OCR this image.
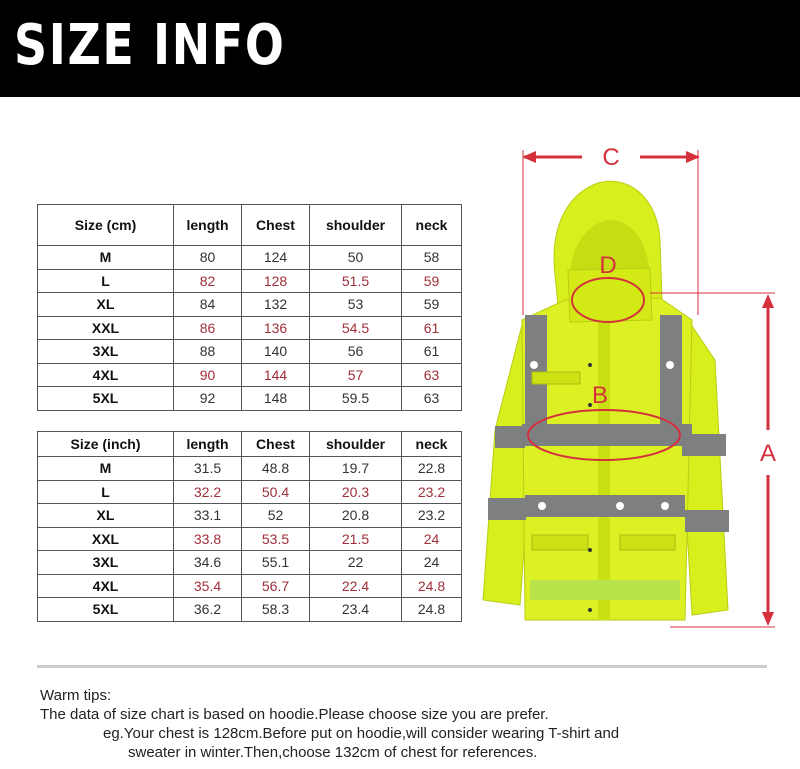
SIZE INFO
Size (cm)	length	Chest	shoulder	neck
M	80	124	50	58
L	82	128	51.5	59
XL	84	132	53	59
XXL	86	136	54.5	61
3XL	88	140	56	61
4XL	90	144	57	63
5XL	92	148	59.5	63
Size (inch)	length	Chest	shoulder	neck
M	31.5	48.8	19.7	22.8
L	32.2	50.4	20.3	23.2
XL	33.1	52	20.8	23.2
XXL	33.8	53.5	21.5	24
3XL	34.6	55.1	22	24
4XL	35.4	56.7	22.4	24.8
5XL	36.2	58.3	23.4	24.8
C
D
B
A
Warm tips:
The data of size chart is based on hoodie.Please choose size you are prefer.
eg.Your chest is 128cm.Before put on hoodie,will consider wearing T-shirt and
sweater in winter.Then,choose 132cm of chest for references.
